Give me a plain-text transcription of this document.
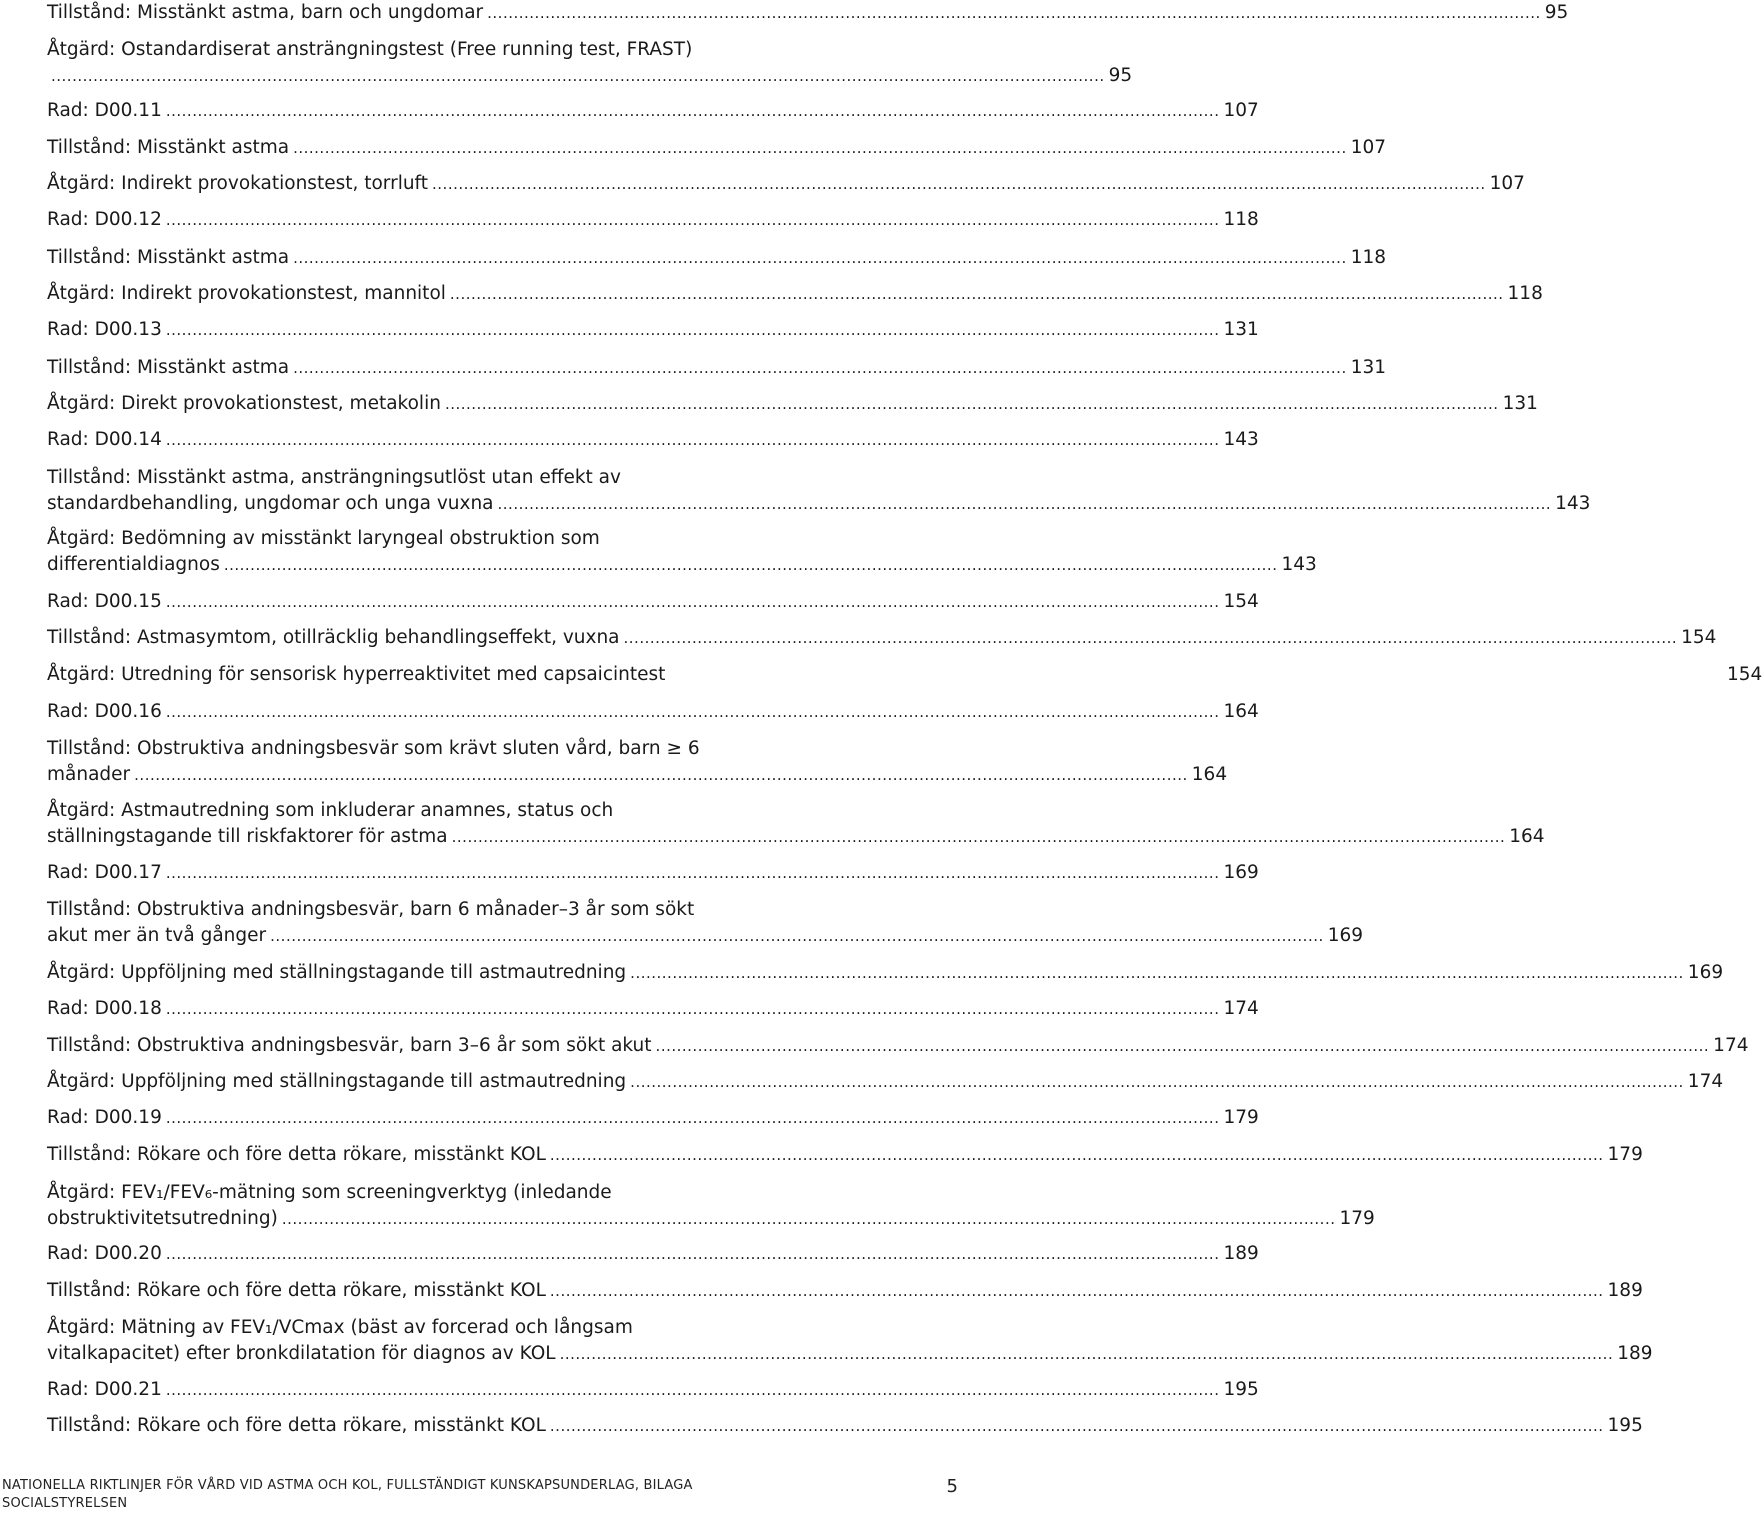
Tillstånd: Misstänkt astma, barn och ungdomar ........................................................................................................................................................................................................ 95
Åtgärd: Ostandardiserat ansträngningstest (Free running test, FRAST)
........................................................................................................................................................................................................ 95
Rad: D00.11 ........................................................................................................................................................................................................ 107
Tillstånd: Misstänkt astma ........................................................................................................................................................................................................ 107
Åtgärd: Indirekt provokationstest, torrluft ........................................................................................................................................................................................................ 107
Rad: D00.12 ........................................................................................................................................................................................................ 118
Tillstånd: Misstänkt astma ........................................................................................................................................................................................................ 118
Åtgärd: Indirekt provokationstest, mannitol ........................................................................................................................................................................................................ 118
Rad: D00.13 ........................................................................................................................................................................................................ 131
Tillstånd: Misstänkt astma ........................................................................................................................................................................................................ 131
Åtgärd: Direkt provokationstest, metakolin ........................................................................................................................................................................................................ 131
Rad: D00.14 ........................................................................................................................................................................................................ 143
Tillstånd: Misstänkt astma, ansträngningsutlöst utan effekt av
standardbehandling, ungdomar och unga vuxna ........................................................................................................................................................................................................ 143
Åtgärd: Bedömning av misstänkt laryngeal obstruktion som
differentialdiagnos ........................................................................................................................................................................................................ 143
Rad: D00.15 ........................................................................................................................................................................................................ 154
Tillstånd: Astmasymtom, otillräcklig behandlingseffekt, vuxna ........................................................................................................................................................................................................ 154
Åtgärd: Utredning för sensorisk hyperreaktivitet med capsaicintest	154
Rad: D00.16 ........................................................................................................................................................................................................ 164
Tillstånd: Obstruktiva andningsbesvär som krävt sluten vård, barn ≥ 6
månader ........................................................................................................................................................................................................ 164
Åtgärd: Astmautredning som inkluderar anamnes, status och
ställningstagande till riskfaktorer för astma ........................................................................................................................................................................................................ 164
Rad: D00.17 ........................................................................................................................................................................................................ 169
Tillstånd: Obstruktiva andningsbesvär, barn 6 månader–3 år som sökt
akut mer än två gånger ........................................................................................................................................................................................................ 169
Åtgärd: Uppföljning med ställningstagande till astmautredning ........................................................................................................................................................................................................ 169
Rad: D00.18 ........................................................................................................................................................................................................ 174
Tillstånd: Obstruktiva andningsbesvär, barn 3–6 år som sökt akut ........................................................................................................................................................................................................ 174
Åtgärd: Uppföljning med ställningstagande till astmautredning ........................................................................................................................................................................................................ 174
Rad: D00.19 ........................................................................................................................................................................................................ 179
Tillstånd: Rökare och före detta rökare, misstänkt KOL ........................................................................................................................................................................................................ 179
Åtgärd: FEV₁/FEV₆-mätning som screeningverktyg (inledande
obstruktivitetsutredning) ........................................................................................................................................................................................................ 179
Rad: D00.20 ........................................................................................................................................................................................................ 189
Tillstånd: Rökare och före detta rökare, misstänkt KOL ........................................................................................................................................................................................................ 189
Åtgärd: Mätning av FEV₁/VCmax (bäst av forcerad och långsam
vitalkapacitet) efter bronkdilatation för diagnos av KOL ........................................................................................................................................................................................................ 189
Rad: D00.21 ........................................................................................................................................................................................................ 195
Tillstånd: Rökare och före detta rökare, misstänkt KOL ........................................................................................................................................................................................................ 195
NATIONELLA RIKTLINJER FÖR VÅRD VID ASTMA OCH KOL, FULLSTÄNDIGT KUNSKAPSUNDERLAG, BILAGA
SOCIALSTYRELSEN
5
